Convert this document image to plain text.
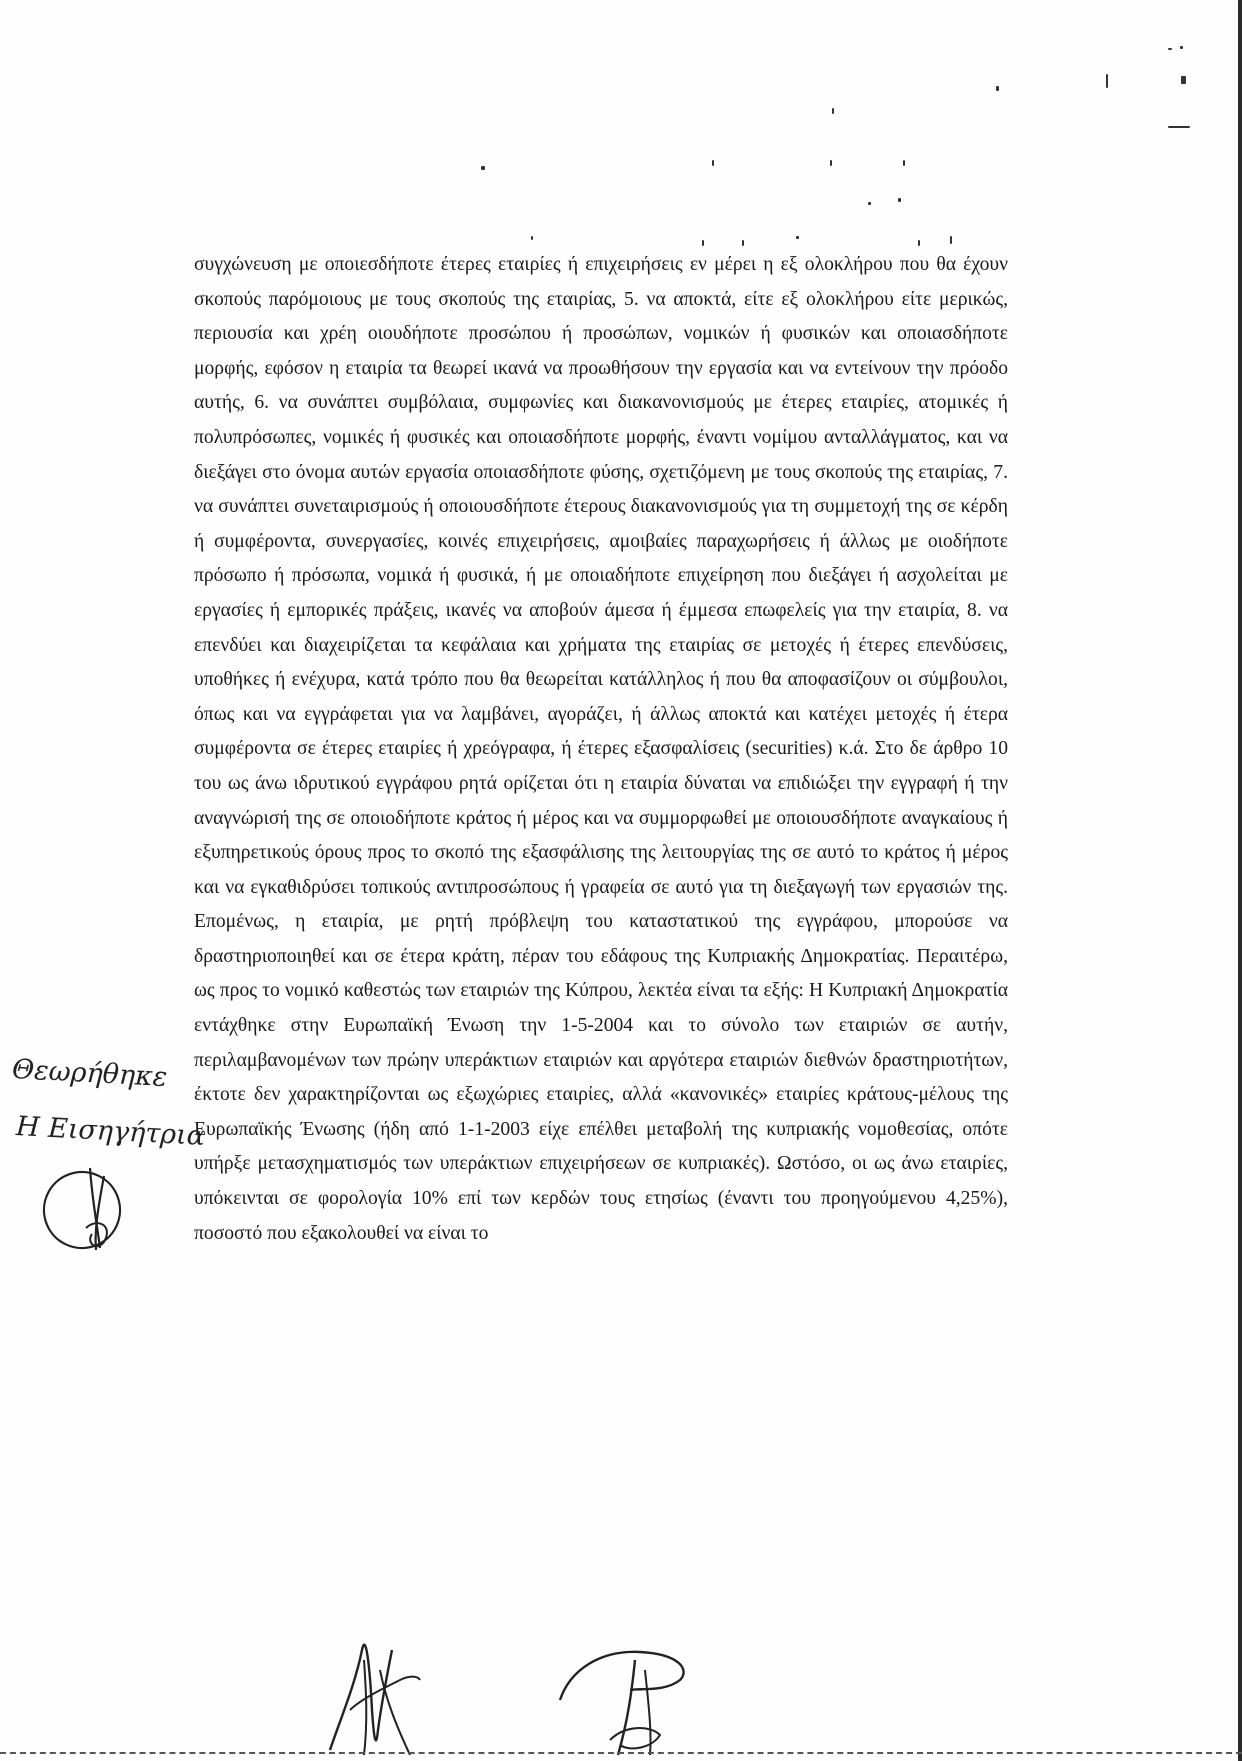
συγχώνευση με οποιεσδήποτε έτερες εταιρίες ή επιχειρήσεις εν μέρει η εξ ολοκλήρου που θα έχουν σκοπούς παρόμοιους με τους σκοπούς της εταιρίας, 5. να αποκτά, είτε εξ ολοκλήρου είτε μερικώς, περιουσία και χρέη οιουδήποτε προσώπου ή προσώπων, νομικών ή φυσικών και οποιασδήποτε μορφής, εφόσον η εταιρία τα θεωρεί ικανά να προωθήσουν την εργασία και να εντείνουν την πρόοδο αυτής, 6. να συνάπτει συμβόλαια, συμφωνίες και διακανονισμούς με έτερες εταιρίες, ατομικές ή πολυπρόσωπες, νομικές ή φυσικές και οποιασδήποτε μορφής, έναντι νομίμου ανταλλάγματος, και να διεξάγει στο όνομα αυτών εργασία οποιασδήποτε φύσης, σχετιζόμενη με τους σκοπούς της εταιρίας, 7. να συνάπτει συνεταιρισμούς ή οποιουσδήποτε έτερους διακανονισμούς για τη συμμετοχή της σε κέρδη ή συμφέροντα, συνεργασίες, κοινές επιχειρήσεις, αμοιβαίες παραχωρήσεις ή άλλως με οιοδήποτε πρόσωπο ή πρόσωπα, νομικά ή φυσικά, ή με οποιαδήποτε επιχείρηση που διεξάγει ή ασχολείται με εργασίες ή εμπορικές πράξεις, ικανές να αποβούν άμεσα ή έμμεσα επωφελείς για την εταιρία, 8. να επενδύει και διαχειρίζεται τα κεφάλαια και χρήματα της εταιρίας σε μετοχές ή έτερες επενδύσεις, υποθήκες ή ενέχυρα, κατά τρόπο που θα θεωρείται κατάλληλος ή που θα αποφασίζουν οι σύμβουλοι, όπως και να εγγράφεται για να λαμβάνει, αγοράζει, ή άλλως αποκτά και κατέχει μετοχές ή έτερα συμφέροντα σε έτερες εταιρίες ή χρεόγραφα, ή έτερες εξασφαλίσεις (securities) κ.ά. Στο δε άρθρο 10 του ως άνω ιδρυτικού εγγράφου ρητά ορίζεται ότι η εταιρία δύναται να επιδιώξει την εγγραφή ή την αναγνώρισή της σε οποιοδήποτε κράτος ή μέρος και να συμμορφωθεί με οποιουσδήποτε αναγκαίους ή εξυπηρετικούς όρους προς το σκοπό της εξασφάλισης της λειτουργίας της σε αυτό το κράτος ή μέρος και να εγκαθιδρύσει τοπικούς αντιπροσώπους ή γραφεία σε αυτό για τη διεξαγωγή των εργασιών της. Επομένως, η εταιρία, με ρητή πρόβλεψη του καταστατικού της εγγράφου, μπορούσε να δραστηριοποιηθεί και σε έτερα κράτη, πέραν του εδάφους της Κυπριακής Δημοκρατίας. Περαιτέρω, ως προς το νομικό καθεστώς των εταιριών της Κύπρου, λεκτέα είναι τα εξής: Η Κυπριακή Δημοκρατία εντάχθηκε στην Ευρωπαϊκή Ένωση την 1-5-2004 και το σύνολο των εταιριών σε αυτήν, περιλαμβανομένων των πρώην υπεράκτιων εταιριών και αργότερα εταιριών διεθνών δραστηριοτήτων, έκτοτε δεν χαρακτηρίζονται ως εξωχώριες εταιρίες, αλλά «κανονικές» εταιρίες κράτους-μέλους της Ευρωπαϊκής Ένωσης (ήδη από 1-1-2003 είχε επέλθει μεταβολή της κυπριακής νομοθεσίας, οπότε υπήρξε μετασχηματισμός των υπεράκτιων επιχειρήσεων σε κυπριακές). Ωστόσο, οι ως άνω εταιρίες, υπόκεινται σε φορολογία 10% επί των κερδών τους ετησίως (έναντι του προηγούμενου 4,25%), ποσοστό που εξακολουθεί να είναι το

Θεωρήθηκε
Η Εισηγήτρια
